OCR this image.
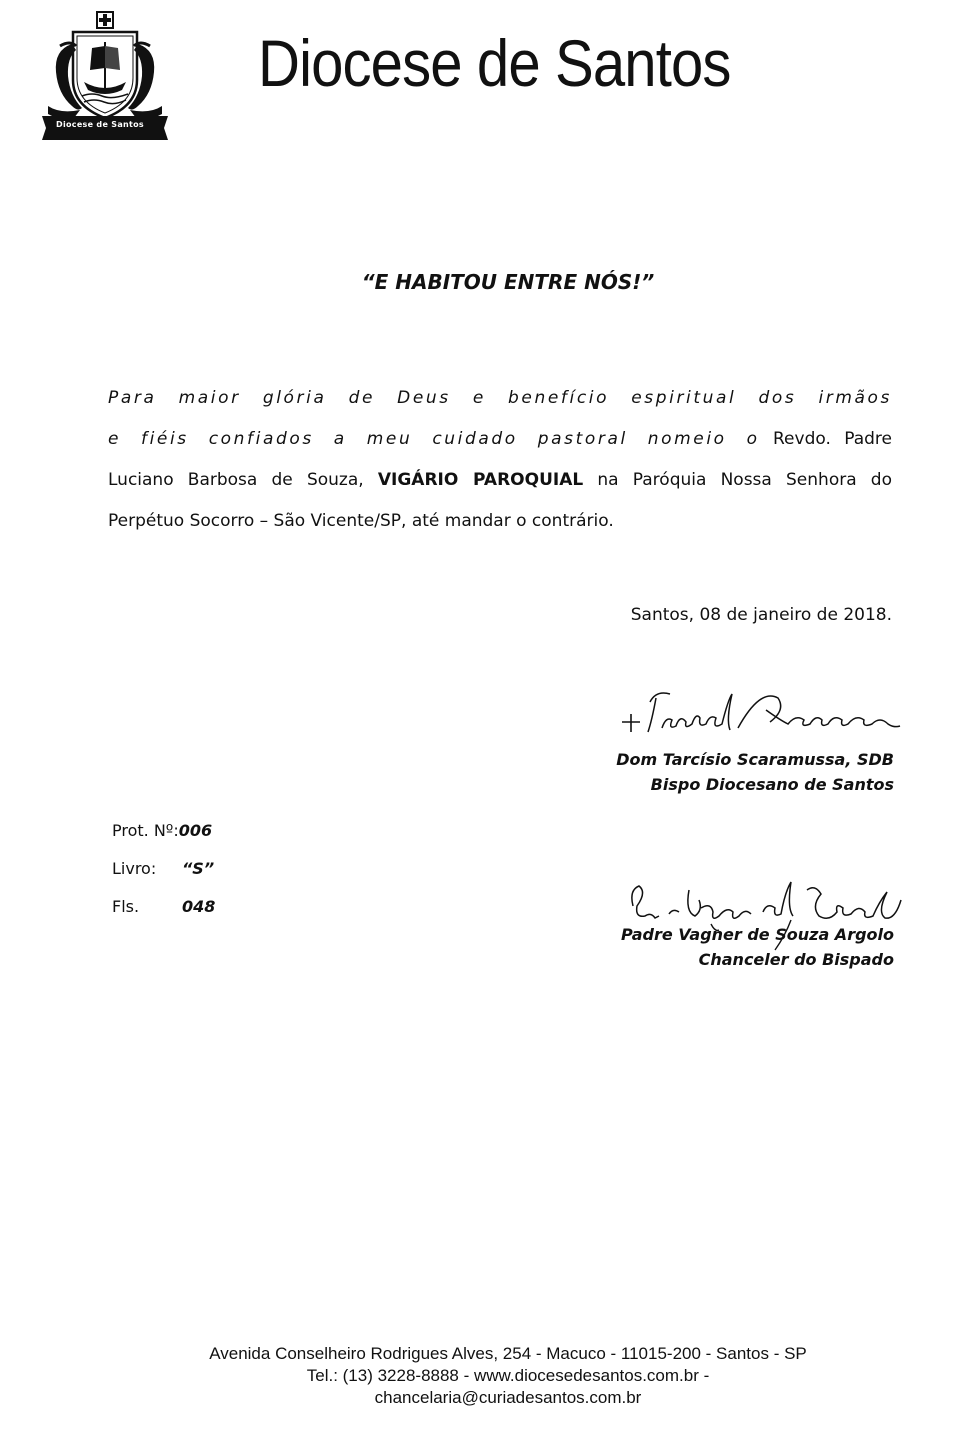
Diocese de Santos
Diocese de Santos
“E HABITOU ENTRE NÓS!”

Para maior glória de Deus e benefício espiritual dos irmãos

e fiéis confiados a meu cuidado pastoral nomeio o Revdo. Padre

Luciano Barbosa de Souza, VIGÁRIO PAROQUIAL na Paróquia Nossa Senhora do

Perpétuo Socorro – São Vicente/SP, até mandar o contrário.

Santos, 08 de janeiro de 2018.
Dom Tarcísio Scaramussa, SDB
Bispo Diocesano de Santos
Padre Vagner de Souza Argolo
Chanceler do Bispado
Prot. Nº: 006
Livro:	“S”
Fls.	048
Avenida Conselheiro Rodrigues Alves, 254 - Macuco - 11015-200 - Santos - SP
Tel.: (13) 3228-8888 - www.diocesedesantos.com.br -
chancelaria@curiadesantos.com.br
